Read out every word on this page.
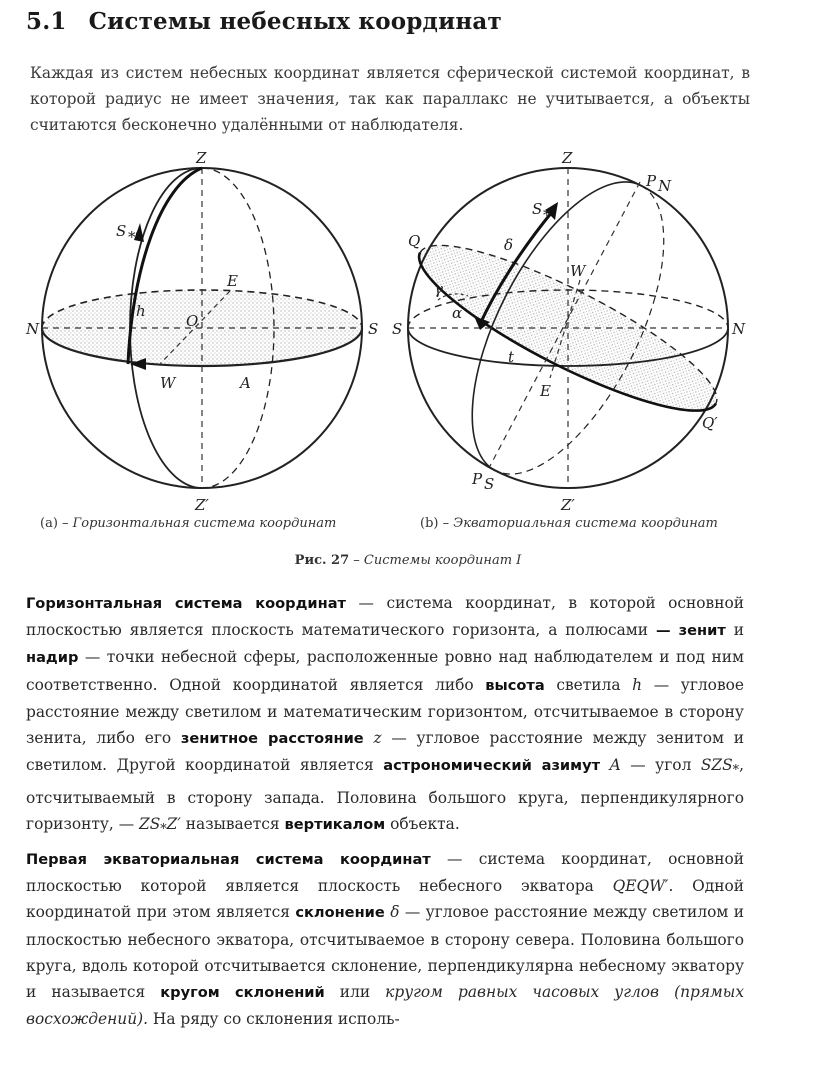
5.1 Системы небесных координат

Каждая из систем небесных координат является сферической системой координат, в которой радиус не имеет значения, так как параллакс не учитывается, а объекты считаются бесконечно удалёнными от наблюдателя.

Z
Z′
N	S
E
W
O
A
h
S *
Z
Z′
P N
P S
Q
Q′
S	N
W
E
S *
δ
α
γ
t
(a) – Горизонтальная система координат	(b) – Экваториальная система координат
Рис. 27 – Системы координат I

Горизонтальная система координат — система координат, в которой основной плоскостью является плоскость математического горизонта, а полюсами — зенит и надир — точки небесной сферы, расположенные ровно над наблюдателем и под ним соответственно. Одной координатой является либо высота светила h — угловое расстояние между светилом и математическим горизонтом, отсчитываемое в сторону зенита, либо его зенитное расстояние z — угловое расстояние между зенитом и светилом. Другой координатой является астрономический азимут A — угол $SZS_*$, отсчитываемый в сторону запада. Половина большого круга, перпендикулярного горизонту, — $ZS_*Z'$ называется вертикалом объекта.

Первая экваториальная система координат — система координат, основной плоскостью которой является плоскость небесного экватора QEQW′. Одной координатой при этом является склонение δ — угловое расстояние между светилом и плоскостью небесного экватора, отсчитываемое в сторону севера. Половина большого круга, вдоль которой отсчитывается склонение, перпендикулярна небесному экватору и называется кругом склонений или кругом равных часовых углов (прямых восхождений). На ряду со склонения исполь-
